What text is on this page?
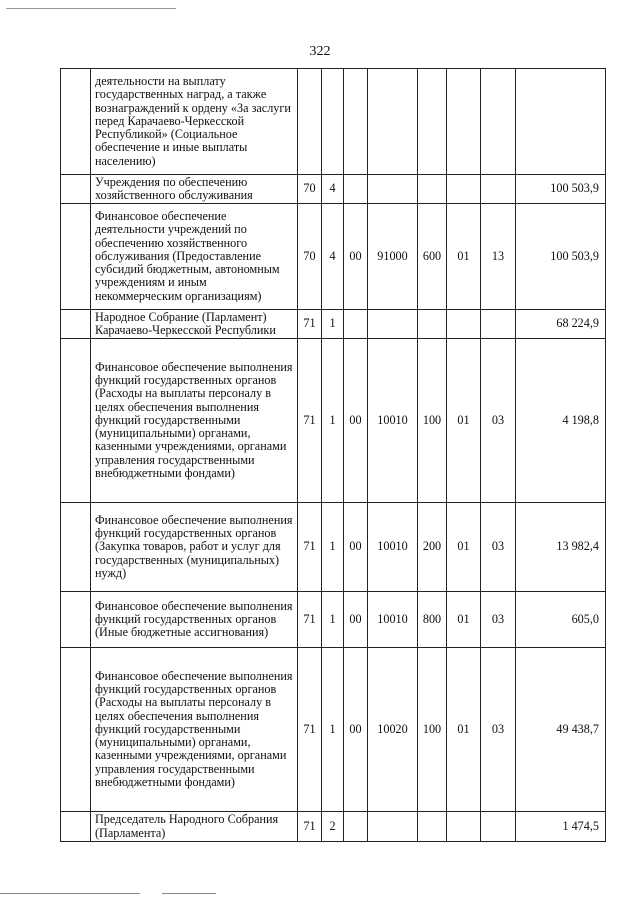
322
	деятельности на выплату государственных наград, а также вознаграждений к ордену «За заслуги перед Карачаево-Черкесской Республикой» (Социальное обеспечение и иные выплаты населению)								
	Учреждения по обеспечению хозяйственного обслуживания	70	4						100 503,9
	Финансовое обеспечение деятельности учреждений по обеспечению хозяйственного обслуживания (Предоставление субсидий бюджетным, автономным учреждениям и иным некоммерческим организациям)	70	4	00	91000	600	01	13	100 503,9
	Народное Собрание (Парламент) Карачаево-Черкесской Республики	71	1						68 224,9
	Финансовое обеспечение выполнения функций государственных органов (Расходы на выплаты персоналу в целях обеспечения выполнения функций государственными (муниципальными) органами, казенными учреждениями, органами управления государственными внебюджетными фондами)	71	1	00	10010	100	01	03	4 198,8
	Финансовое обеспечение выполнения функций государственных органов (Закупка товаров, работ и услуг для государственных (муниципальных) нужд)	71	1	00	10010	200	01	03	13 982,4
	Финансовое обеспечение выполнения функций государственных органов (Иные бюджетные ассигнования)	71	1	00	10010	800	01	03	605,0
	Финансовое обеспечение выполнения функций государственных органов (Расходы на выплаты персоналу в целях обеспечения выполнения функций государственными (муниципальными) органами, казенными учреждениями, органами управления государственными внебюджетными фондами)	71	1	00	10020	100	01	03	49 438,7
	Председатель Народного Собрания (Парламента)	71	2						1 474,5
